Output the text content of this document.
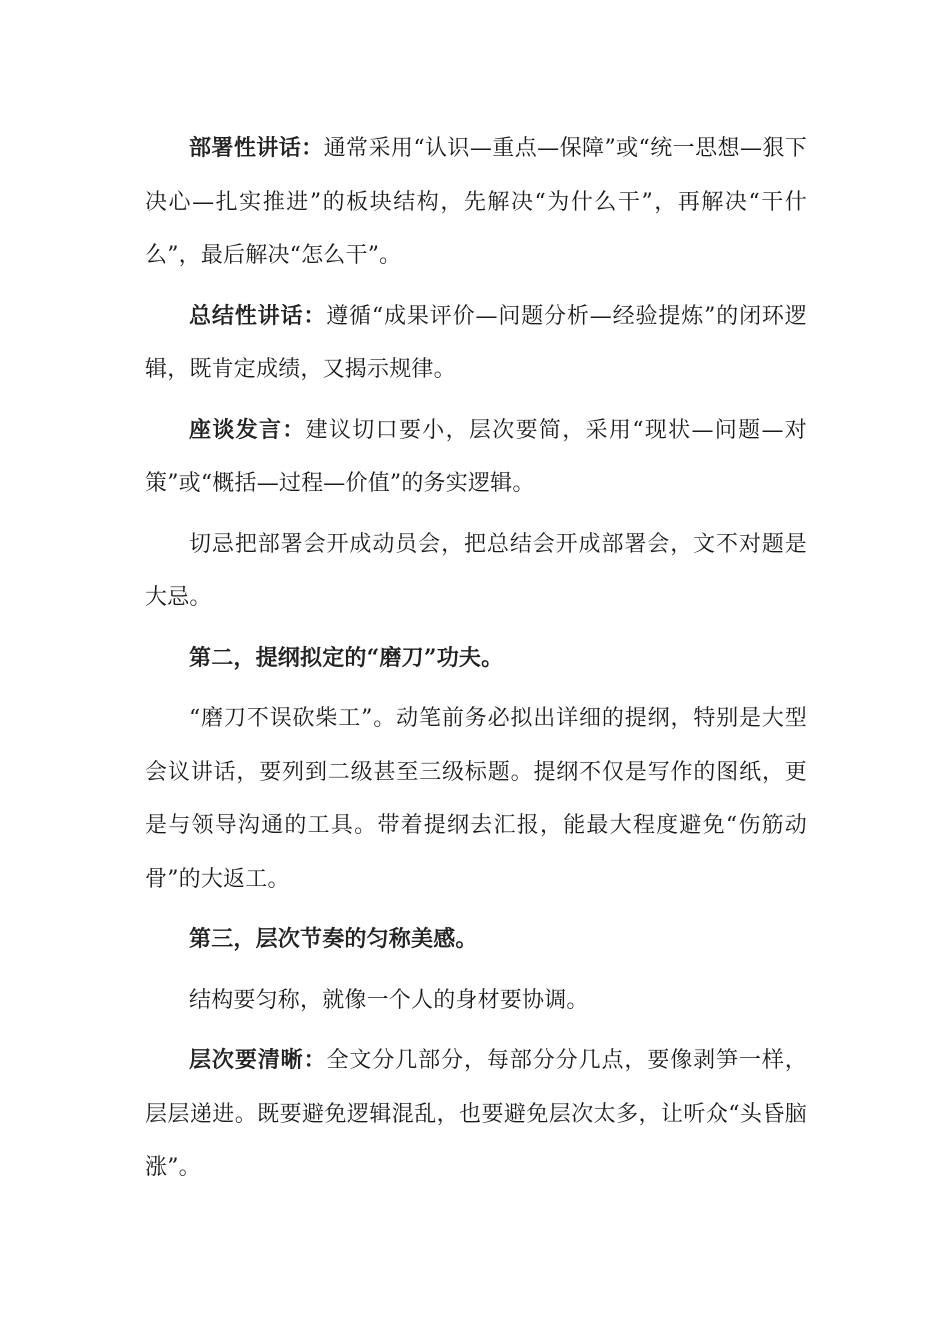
部署性讲话：通常采用“认识—重点—保障”或“统一思想—狠下决心—扎实推进”的板块结构，先解决“为什么干”，再解决“干什么”，最后解决“怎么干”。

总结性讲话：遵循“成果评价—问题分析—经验提炼”的闭环逻辑，既肯定成绩，又揭示规律。

座谈发言：建议切口要小，层次要简，采用“现状—问题—对策”或“概括—过程—价值”的务实逻辑。

切忌把部署会开成动员会，把总结会开成部署会，文不对题是大忌。

第二，提纲拟定的“磨刀”功夫。

“磨刀不误砍柴工”。动笔前务必拟出详细的提纲，特别是大型会议讲话，要列到二级甚至三级标题。提纲不仅是写作的图纸，更是与领导沟通的工具。带着提纲去汇报，能最大程度避免“伤筋动骨”的大返工。

第三，层次节奏的匀称美感。

结构要匀称，就像一个人的身材要协调。

层次要清晰：全文分几部分，每部分分几点，要像剥笋一样，层层递进。既要避免逻辑混乱，也要避免层次太多，让听众“头昏脑涨”。
